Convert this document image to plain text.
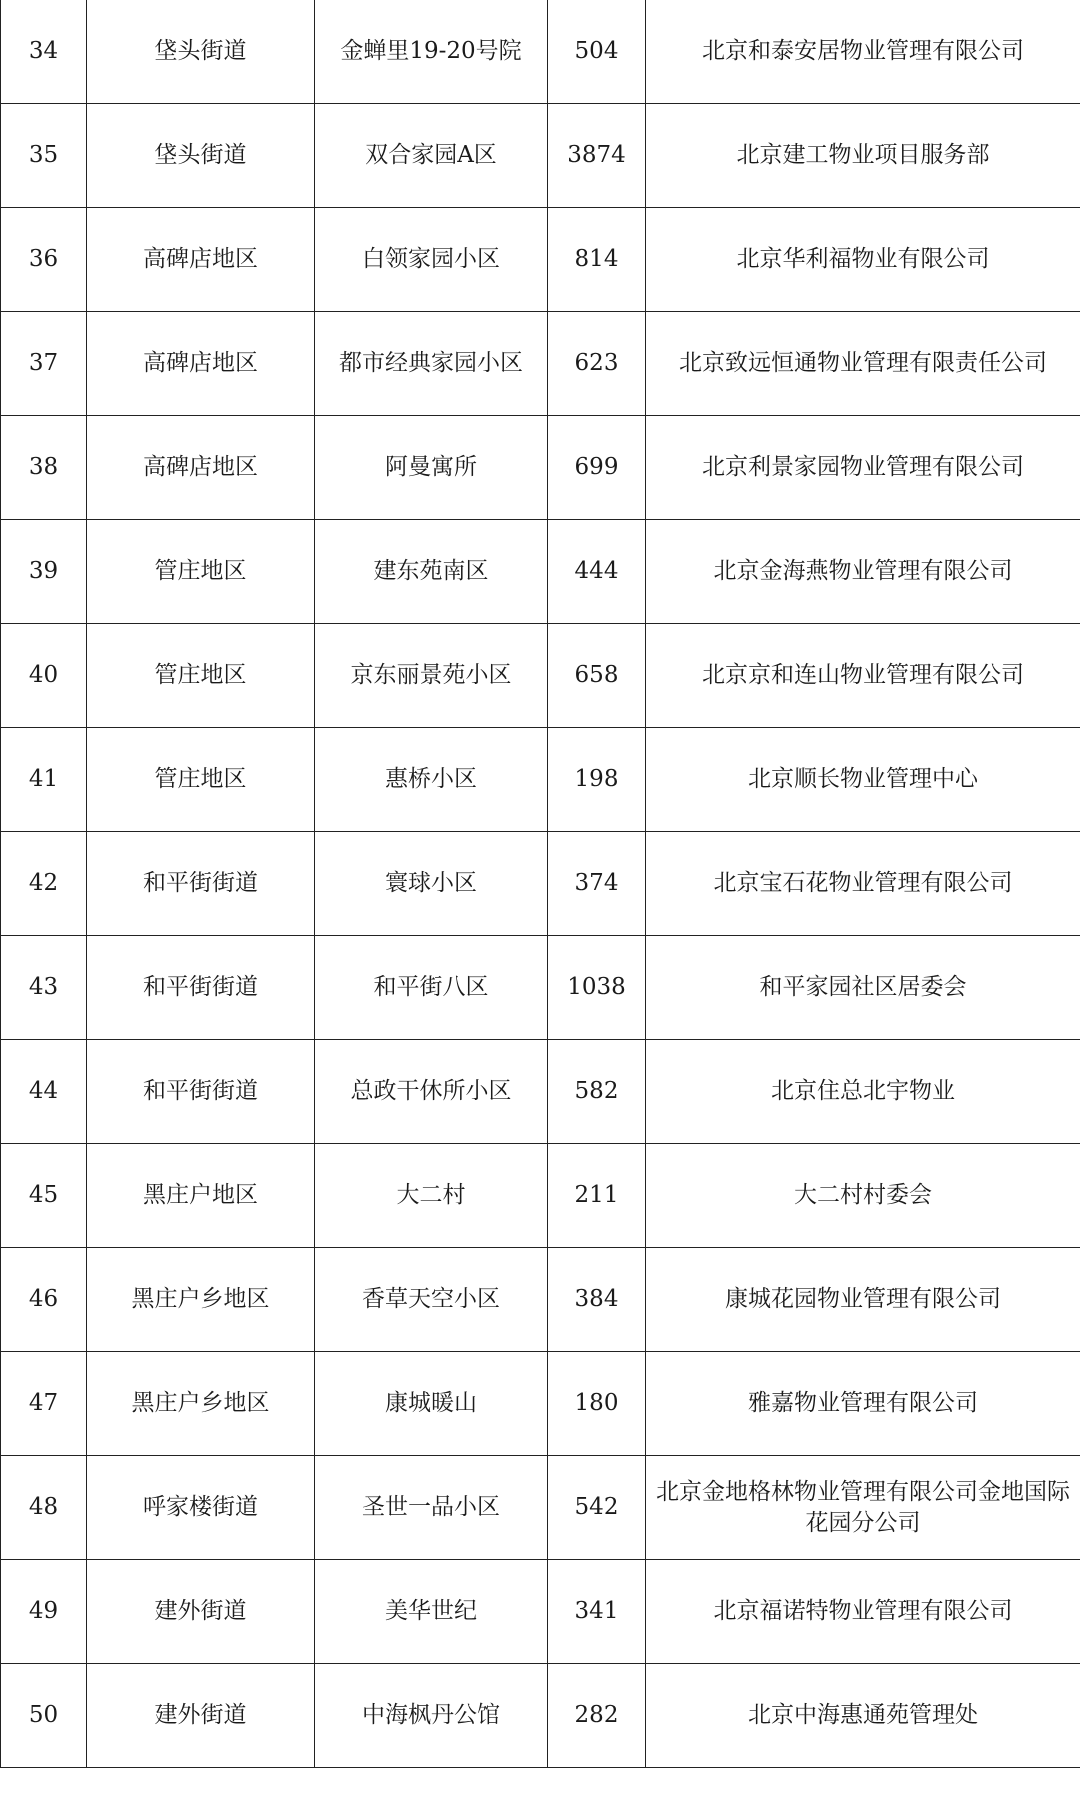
34	垡头街道	金蝉里19-20号院	504	北京和泰安居物业管理有限公司
35	垡头街道	双合家园A区	3874	北京建工物业项目服务部
36	高碑店地区	白领家园小区	814	北京华利福物业有限公司
37	高碑店地区	都市经典家园小区	623	北京致远恒通物业管理有限责任公司
38	高碑店地区	阿曼寓所	699	北京利景家园物业管理有限公司
39	管庄地区	建东苑南区	444	北京金海燕物业管理有限公司
40	管庄地区	京东丽景苑小区	658	北京京和连山物业管理有限公司
41	管庄地区	惠桥小区	198	北京顺长物业管理中心
42	和平街街道	寰球小区	374	北京宝石花物业管理有限公司
43	和平街街道	和平街八区	1038	和平家园社区居委会
44	和平街街道	总政干休所小区	582	北京住总北宇物业
45	黑庄户地区	大二村	211	大二村村委会
46	黑庄户乡地区	香草天空小区	384	康城花园物业管理有限公司
47	黑庄户乡地区	康城暖山	180	雅嘉物业管理有限公司
48	呼家楼街道	圣世一品小区	542	北京金地格林物业管理有限公司金地国际花园分公司
49	建外街道	美华世纪	341	北京福诺特物业管理有限公司
50	建外街道	中海枫丹公馆	282	北京中海惠通苑管理处
